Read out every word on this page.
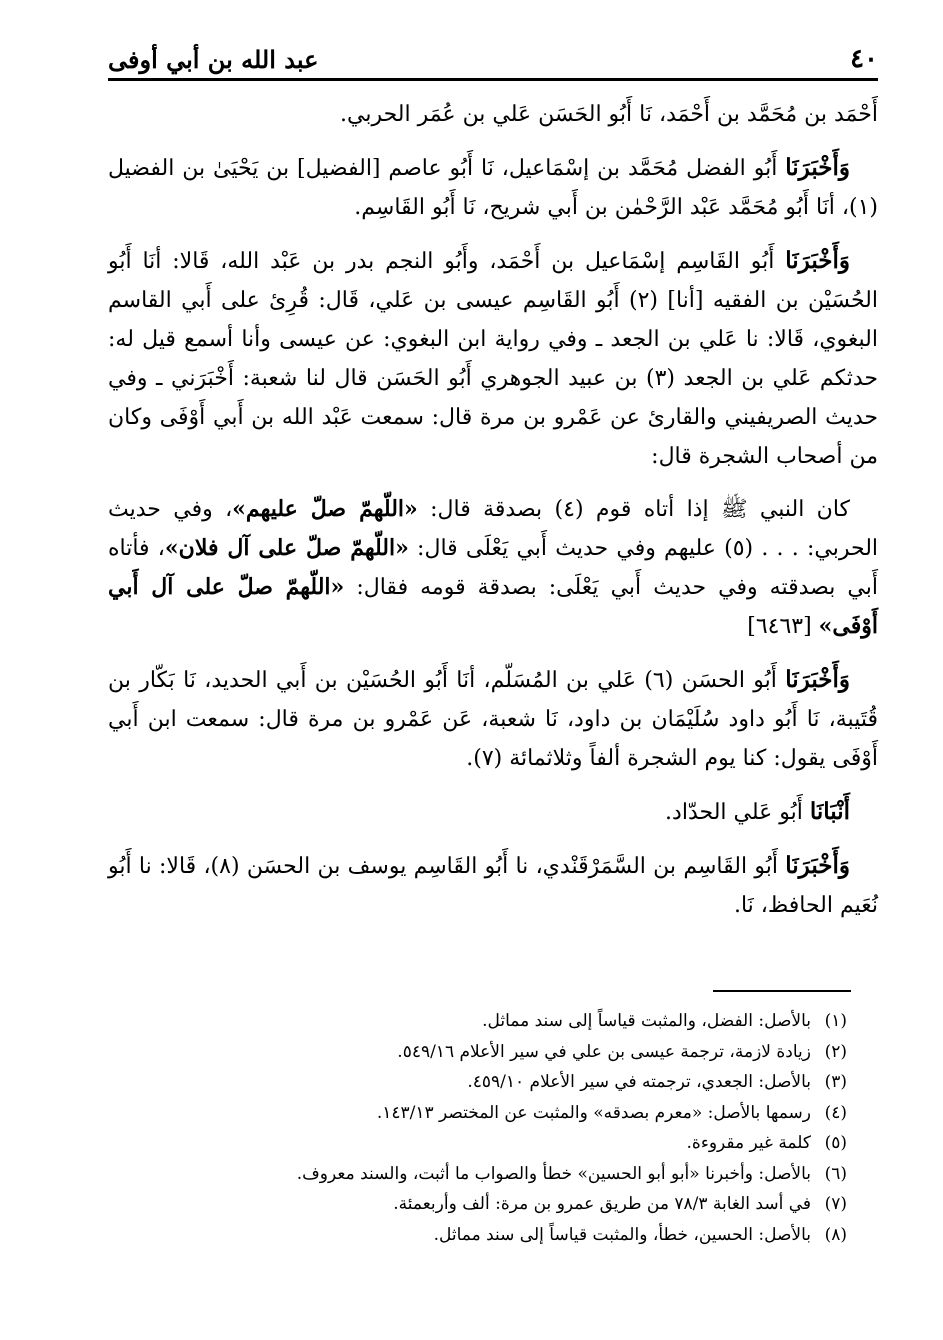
٤٠
عبد الله بن أبي أوفى

أَحْمَد بن مُحَمَّد بن أَحْمَد، نَا أَبُو الحَسَن عَلي بن عُمَر الحربي.

وَأَخْبَرَنَا أَبُو الفضل مُحَمَّد بن إسْمَاعيل، نَا أَبُو عاصم [الفضيل] بن يَحْيَىٰ بن الفضيل (١)، أنَا أَبُو مُحَمَّد عَبْد الرَّحْمٰن بن أَبي شريح، نَا أَبُو القَاسِم.

وَأَخْبَرَنَا أَبُو القَاسِم إسْمَاعيل بن أَحْمَد، وأَبُو النجم بدر بن عَبْد الله، قَالا: أنَا أَبُو الحُسَيْن بن الفقيه [أنا] (٢) أَبُو القَاسِم عيسى بن عَلي، قَال: قُرِئ على أَبي القاسم البغوي، قَالا: نا عَلي بن الجعد ـ وفي رواية ابن البغوي: عن عيسى وأنا أسمع قيل له: حدثكم عَلي بن الجعد (٣) بن عبيد الجوهري أَبُو الحَسَن قال لنا شعبة: أَخْبَرَني ـ وفي حديث الصريفيني والقارئ عن عَمْرو بن مرة قال: سمعت عَبْد الله بن أَبي أَوْفَى وكان من أصحاب الشجرة قال:

كان النبي ﷺ إذا أتاه قوم (٤) بصدقة قال: «اللّهمّ صلّ عليهم»، وفي حديث الحربي: . . . (٥) عليهم وفي حديث أَبي يَعْلَى قال: «اللّهمّ صلّ على آل فلان»، فأتاه أَبي بصدقته وفي حديث أَبي يَعْلَى: بصدقة قومه فقال: «اللّهمّ صلّ على آل أَبي أَوْفَى» [٦٤٦٣]

وَأَخْبَرَنَا أَبُو الحسَن (٦) عَلي بن المُسَلّم، أنَا أَبُو الحُسَيْن بن أَبي الحديد، نَا بَكّار بن قُتَيبة، نَا أَبُو داود سُلَيْمَان بن داود، نَا شعبة، عَن عَمْرو بن مرة قال: سمعت ابن أَبي أَوْفَى يقول: كنا يوم الشجرة ألفاً وثلاثمائة (٧).

أَنْبَانَا أَبُو عَلي الحدّاد.

وَأَخْبَرَنَا أَبُو القَاسِم بن السَّمَرْقَنْدي، نا أَبُو القَاسِم يوسف بن الحسَن (٨)، قَالا: نا أَبُو نُعَيم الحافظ، نَا.

(١)
بالأصل: الفضل، والمثبت قياساً إلى سند مماثل.
(٢)
زيادة لازمة، ترجمة عيسى بن علي في سير الأعلام ٥٤٩/١٦.
(٣)
بالأصل: الجعدي، ترجمته في سير الأعلام ٤٥٩/١٠.
(٤)
رسمها بالأصل: «معرم بصدقه» والمثبت عن المختصر ١٤٣/١٣.
(٥)
كلمة غير مقروءة.
(٦)
بالأصل: وأخبرنا «أبو أبو الحسين» خطأ والصواب ما أثبت، والسند معروف.
(٧)
في أسد الغابة ٧٨/٣ من طريق عمرو بن مرة: ألف وأربعمئة.
(٨)
بالأصل: الحسين، خطأ، والمثبت قياساً إلى سند مماثل.
